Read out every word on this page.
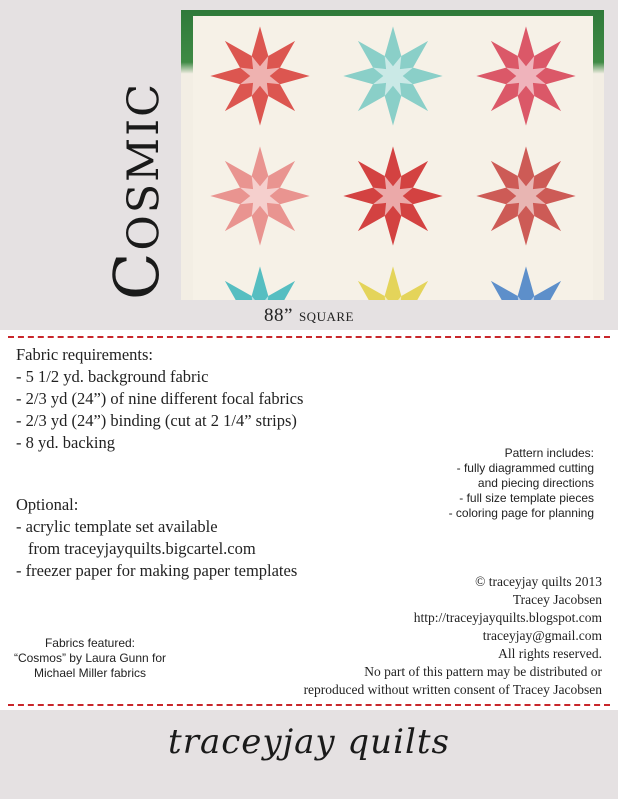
Cosmic
88” square
Fabric requirements:
- 5 1/2 yd. background fabric
- 2/3 yd (24”) of nine different focal fabrics
- 2/3 yd (24”) binding (cut at 2 1/4” strips)
- 8 yd. backing
Pattern includes:
- fully diagrammed cutting
and piecing directions
- full size template pieces
- coloring page for planning
Optional:
- acrylic template set available
from traceyjayquilts.bigcartel.com
- freezer paper for making paper templates
© traceyjay quilts 2013
Tracey Jacobsen
http://traceyjayquilts.blogspot.com
traceyjay@gmail.com
All rights reserved.
No part of this pattern may be distributed or
reproduced without written consent of Tracey Jacobsen
Fabrics featured:
“Cosmos” by Laura Gunn for
Michael Miller fabrics
traceyjay quilts
